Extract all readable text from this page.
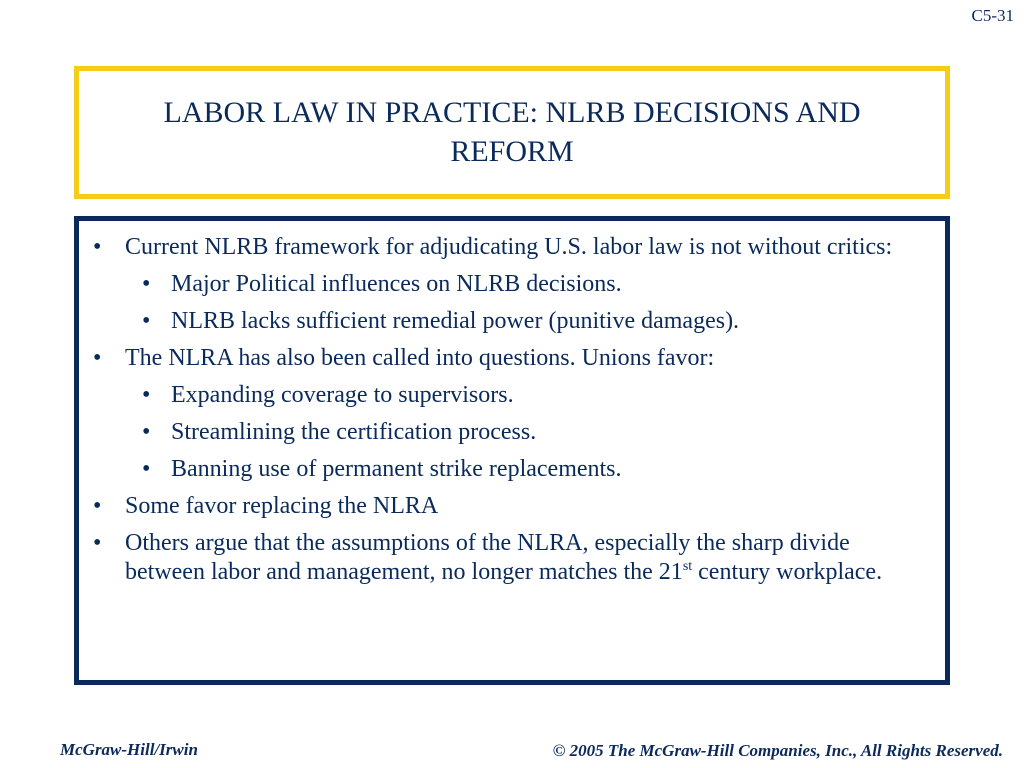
C5-31
LABOR LAW IN PRACTICE: NLRB DECISIONS AND REFORM
• Current NLRB framework for adjudicating U.S. labor law is not without critics:
• Major Political influences on NLRB decisions.
• NLRB lacks sufficient remedial power (punitive damages).
• The NLRA has also been called into questions. Unions favor:
• Expanding coverage to supervisors.
• Streamlining the certification process.
• Banning use of permanent strike replacements.
• Some favor replacing the NLRA
• Others argue that the assumptions of the NLRA, especially the sharp divide between labor and management, no longer matches the 21st century workplace.
McGraw-Hill/Irwin	© 2005 The McGraw-Hill Companies, Inc., All Rights Reserved.
